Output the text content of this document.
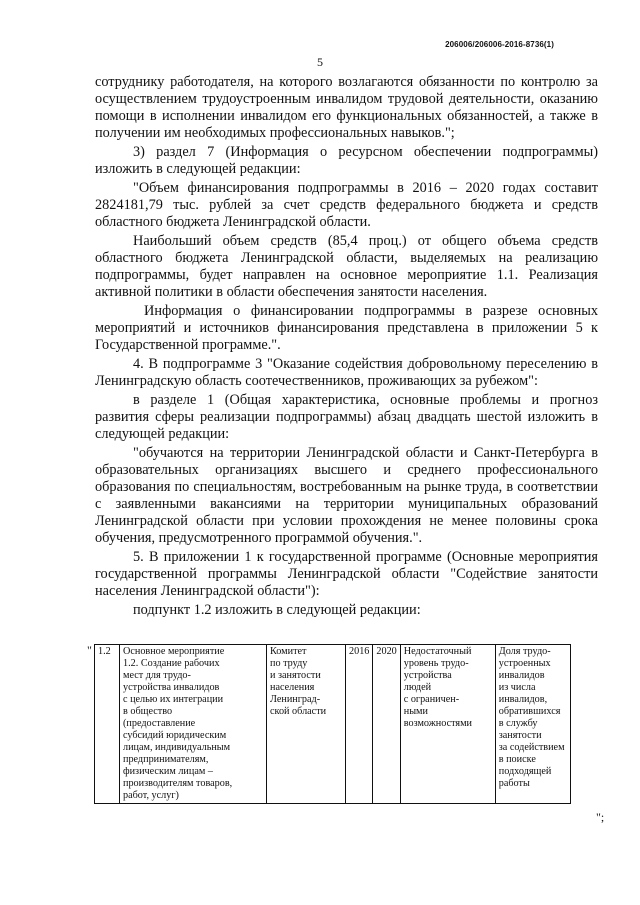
206006/206006-2016-8736(1)
5

сотруднику работодателя, на которого возлагаются обязанности по контролю за осуществлением трудоустроенным инвалидом трудовой деятельности, оказанию помощи в исполнении инвалидом его функциональных обязанностей, а также в получении им необходимых профессиональных навыков.";

3) раздел 7 (Информация о ресурсном обеспечении подпрограммы) изложить в следующей редакции:

"Объем финансирования подпрограммы в 2016 – 2020 годах составит 2824181,79 тыс. рублей за счет средств федерального бюджета и средств областного бюджета Ленинградской области.

Наибольший объем средств (85,4 проц.) от общего объема средств областного бюджета Ленинградской области, выделяемых на реализацию подпрограммы, будет направлен на основное мероприятие 1.1. Реализация активной политики в области обеспечения занятости населения.

Информация о финансировании подпрограммы в разрезе основных мероприятий и источников финансирования представлена в приложении 5 к Государственной программе.".

4. В подпрограмме 3 "Оказание содействия добровольному переселению в Ленинградскую область соотечественников, проживающих за рубежом":

в разделе 1 (Общая характеристика, основные проблемы и прогноз развития сферы реализации подпрограммы) абзац двадцать шестой изложить в следующей редакции:

"обучаются на территории Ленинградской области и Санкт-Петербурга в образовательных организациях высшего и среднего профессионального образования по специальностям, востребованным на рынке труда, в соответствии с заявленными вакансиями на территории муниципальных образований Ленинградской области при условии прохождения не менее половины срока обучения, предусмотренного программой обучения.".

5. В приложении 1 к государственной программе (Основные мероприятия государственной программы Ленинградской области "Содействие занятости населения Ленинградской области"):

подпункт 1.2 изложить в следующей редакции:

" 1.2	Основное мероприятие
1.2. Создание рабочих
мест для трудо-
устройства инвалидов
с целью их интеграции
в общество
(предоставление
субсидий юридическим
лицам, индивидуальным
предпринимателям,
физическим лицам –
производителям товаров,
работ, услуг)	Комитет
по труду
и занятости
населения
Ленинград-
ской области	2016	2020	Недостаточный
уровень трудо-
устройства
людей
с ограничен-
ными
возможностями	Доля трудо-
устроенных
инвалидов
из числа
инвалидов,
обратившихся
в службу
занятости
за содействием
в поиске
подходящей
работы
";
